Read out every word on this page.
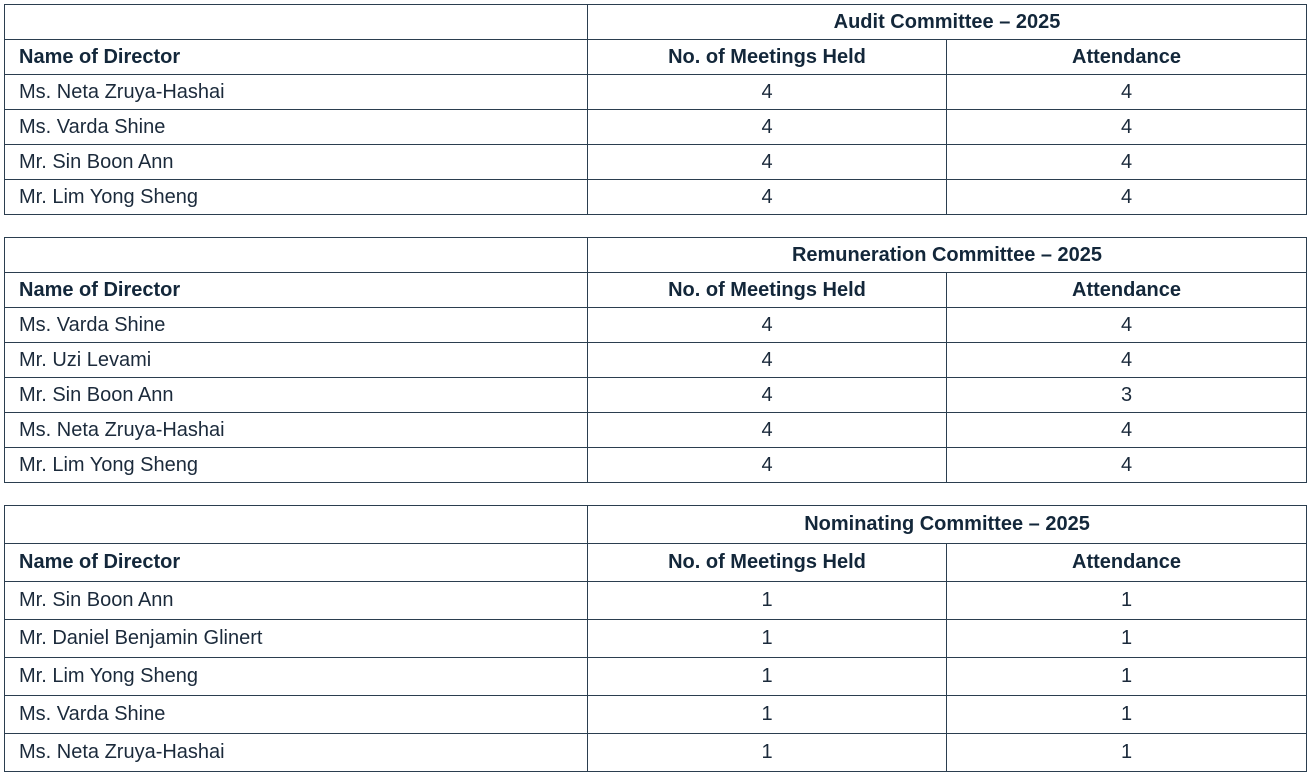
	Audit Committee – 2025	
Name of Director	No. of Meetings Held	Attendance
Ms. Neta Zruya-Hashai	4	4
Ms. Varda Shine	4	4
Mr. Sin Boon Ann	4	4
Mr. Lim Yong Sheng	4	4
	Remuneration Committee – 2025	
Name of Director	No. of Meetings Held	Attendance
Ms. Varda Shine	4	4
Mr. Uzi Levami	4	4
Mr. Sin Boon Ann	4	3
Ms. Neta Zruya-Hashai	4	4
Mr. Lim Yong Sheng	4	4
	Nominating Committee – 2025	
Name of Director	No. of Meetings Held	Attendance
Mr. Sin Boon Ann	1	1
Mr. Daniel Benjamin Glinert	1	1
Mr. Lim Yong Sheng	1	1
Ms. Varda Shine	1	1
Ms. Neta Zruya-Hashai	1	1
